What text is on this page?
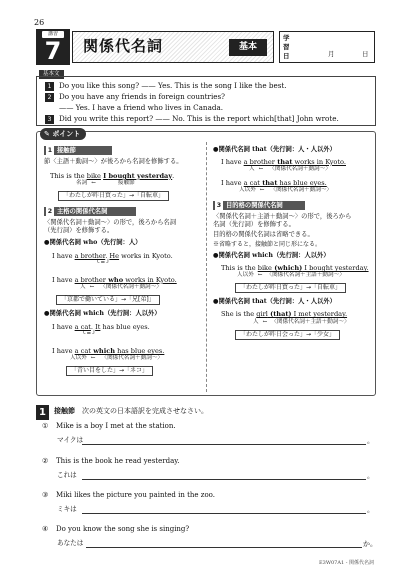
26
講習
7	関係代名詞	基本
学習日	月	日
基本文
1 Do you like this song? —— Yes. This is the song I like the best.
2 Do you have any friends in foreign countries?
—— Yes. I have a friend who lives in Canada.
3 Did you write this report? —— No. This is the report which[that] John wrote.
✎ ポイント
1 接触節
節〈主語＋動詞～〉が後ろから名詞を修飾する。
This is the bike I bought yesterday.
名詞 ←	接触節
「わたしが昨日買った」→「自転車」
2 主格の関係代名詞
〈関係代名詞＋動詞～〉の形で，後ろから名詞
（先行詞）を修飾する。
●関係代名詞 who（先行詞：人）
I have a brother. He works in Kyoto.
└ ═ ┘
I have a brother who works in Kyoto.
人 ← 〈関係代名詞＋動詞～〉
「京都で働いている」→「兄[弟]」
●関係代名詞 which（先行詞：人以外）
I have a cat. It has blue eyes.
└ ═ ┘
I have a cat which has blue eyes.
人以外 ← 〈関係代名詞＋動詞～〉
「青い目をした」→「ネコ」
●関係代名詞 that（先行詞：人・人以外）
I have a brother that works in Kyoto.
人 ← 〈関係代名詞＋動詞～〉
I have a cat that has blue eyes.
人以外 ← 〈関係代名詞＋動詞～〉
3 目的格の関係代名詞
〈関係代名詞＋主語＋動詞～〉の形で，後ろから
名詞（先行詞）を修飾する。
目的格の関係代名詞は省略できる。
※省略すると，接触節と同じ形になる。
●関係代名詞 which（先行詞：人以外）
This is the bike (which) I bought yesterday.
人以外 ← 〈関係代名詞＋主語＋動詞～〉
「わたしが昨日買った」→「自転車」
●関係代名詞 that（先行詞：人・人以外）
She is the girl (that) I met yesterday.
人 ← 〈関係代名詞＋主語＋動詞～〉
「わたしが昨日会った」→「少女」
1	接触節　 次の英文の日本語訳を完成させなさい。
① Mike is a boy I met at the station.
マイクは	。
② This is the book he read yesterday.
これは	。
③ Miki likes the picture you painted in the zoo.
ミキは	。
④ Do you know the song she is singing?
あなたは	か。
E3W07A1 - 関係代名詞
